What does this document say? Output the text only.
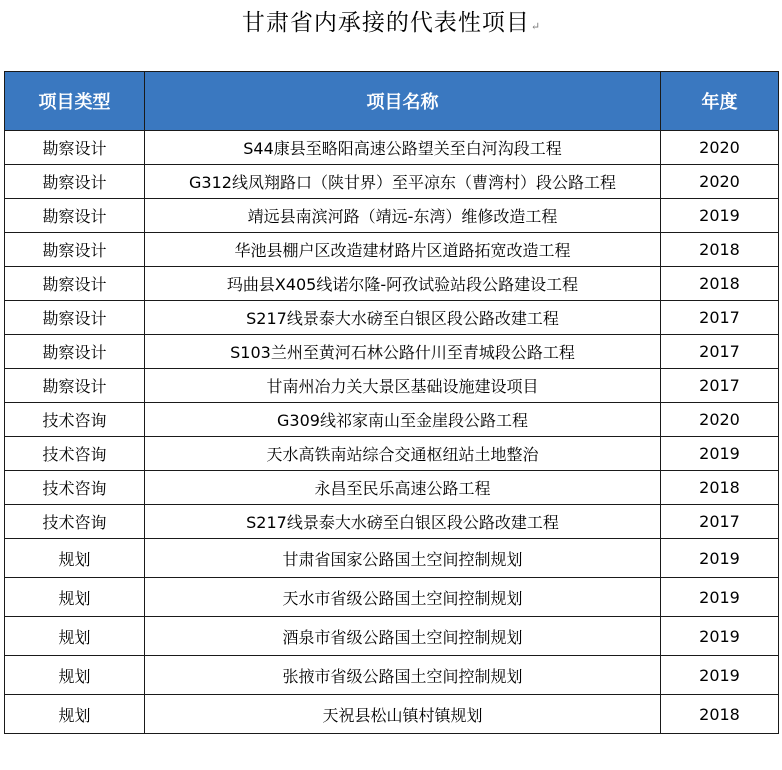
甘肃省内承接的代表性项目↵
项目类型	项目名称	年度
勘察设计	S44康县至略阳高速公路望关至白河沟段工程	2020
勘察设计	G312线凤翔路口（陕甘界）至平凉东（曹湾村）段公路工程	2020
勘察设计	靖远县南滨河路（靖远-东湾）维修改造工程	2019
勘察设计	华池县棚户区改造建材路片区道路拓宽改造工程	2018
勘察设计	玛曲县X405线诺尔隆-阿孜试验站段公路建设工程	2018
勘察设计	S217线景泰大水磅至白银区段公路改建工程	2017
勘察设计	S103兰州至黄河石林公路什川至青城段公路工程	2017
勘察设计	甘南州冶力关大景区基础设施建设项目	2017
技术咨询	G309线祁家南山至金崖段公路工程	2020
技术咨询	天水高铁南站综合交通枢纽站土地整治	2019
技术咨询	永昌至民乐高速公路工程	2018
技术咨询	S217线景泰大水磅至白银区段公路改建工程	2017
规划	甘肃省国家公路国土空间控制规划	2019
规划	天水市省级公路国土空间控制规划	2019
规划	酒泉市省级公路国土空间控制规划	2019
规划	张掖市省级公路国土空间控制规划	2019
规划	天祝县松山镇村镇规划	2018
